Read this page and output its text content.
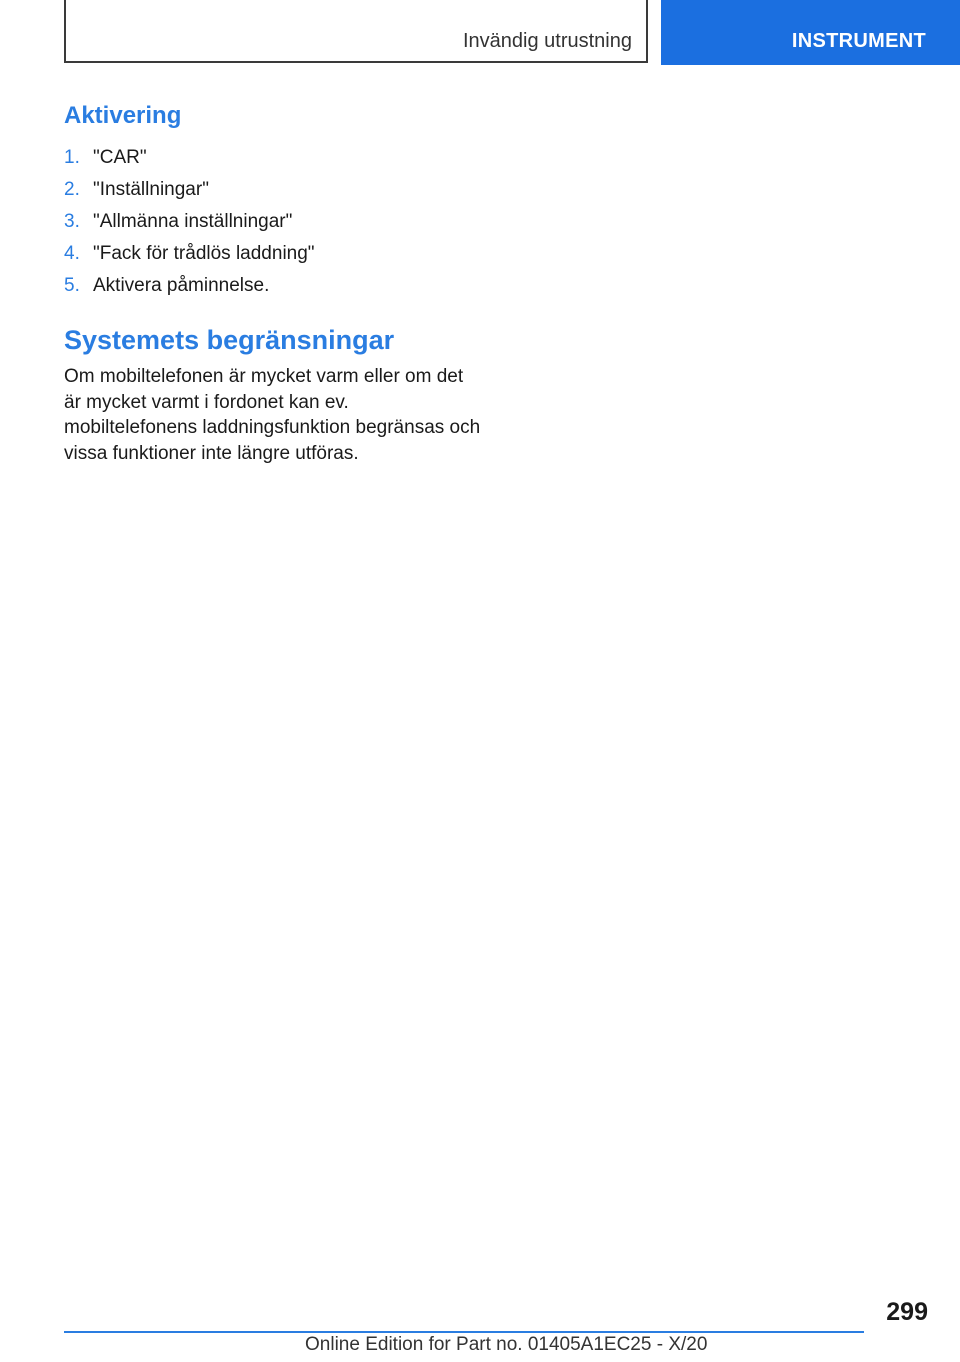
Invändig utrustning	INSTRUMENT
Aktivering
1. "CAR"
2. "Inställningar"
3. "Allmänna inställningar"
4. "Fack för trådlös laddning"
5. Aktivera påminnelse.
Systemets begränsningar

Om mobiltelefonen är mycket varm eller om det är mycket varmt i fordonet kan ev. mobiltelefonens laddningsfunktion begränsas och vissa funktioner inte längre utföras.

299
Online Edition for Part no. 01405A1EC25 - X/20
